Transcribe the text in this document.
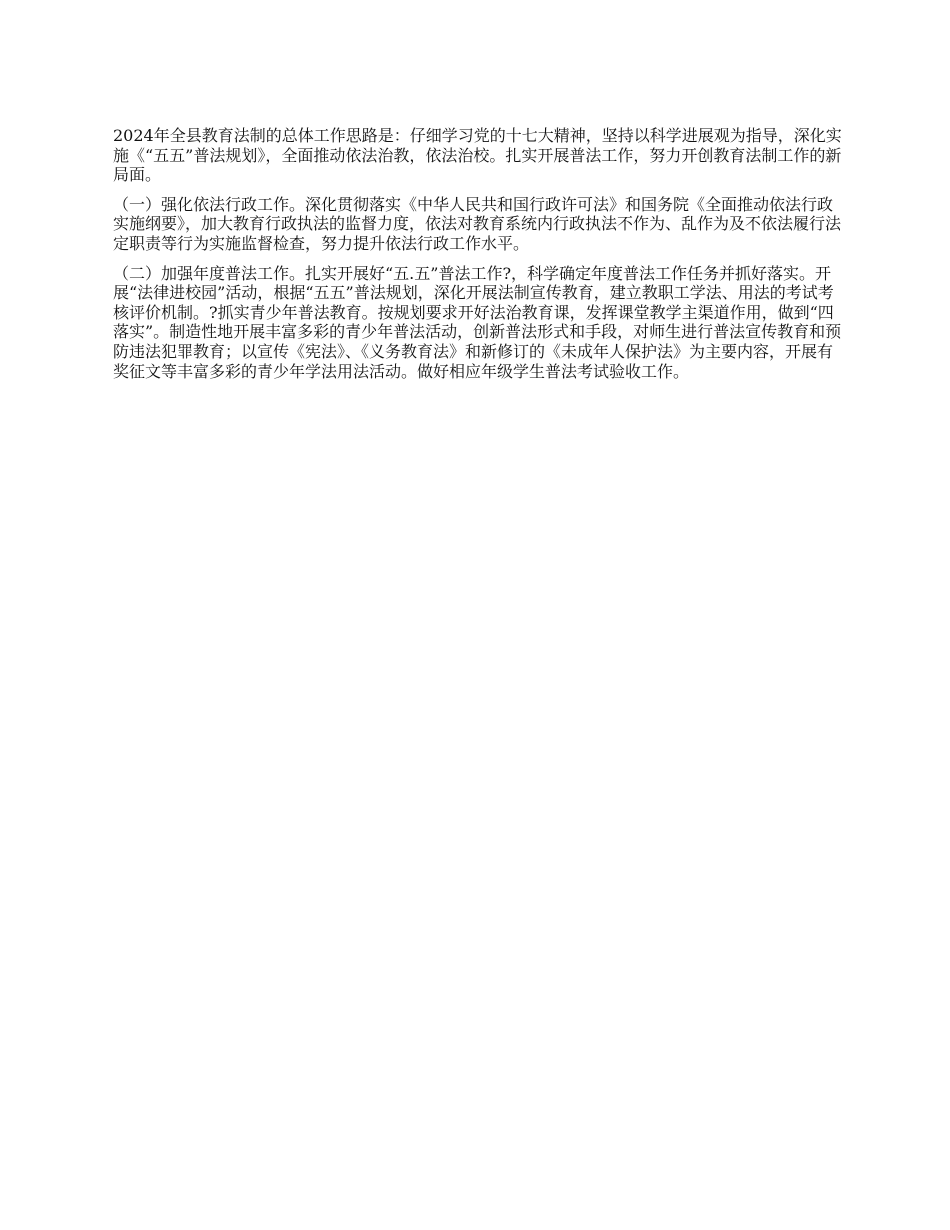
2024年全县教育法制的总体工作思路是：仔细学习党的十七大精神，坚持以科学进展观为指导，深化实施《“五五”普法规划》，全面推动依法治教，依法治校。扎实开展普法工作，努力开创教育法制工作的新局面。

（一）强化依法行政工作。深化贯彻落实《中华人民共和国行政许可法》和国务院《全面推动依法行政实施纲要》，加大教育行政执法的监督力度，依法对教育系统内行政执法不作为、乱作为及不依法履行法定职责等行为实施监督检查，努力提升依法行政工作水平。

（二）加强年度普法工作。扎实开展好“五.五”普法工作?，科学确定年度普法工作任务并抓好落实。开展“法律进校园”活动，根据“五五”普法规划，深化开展法制宣传教育，建立教职工学法、用法的考试考核评价机制。?抓实青少年普法教育。按规划要求开好法治教育课，发挥课堂教学主渠道作用，做到“四落实”。制造性地开展丰富多彩的青少年普法活动，创新普法形式和手段，对师生进行普法宣传教育和预防违法犯罪教育；以宣传《宪法》、《义务教育法》和新修订的《未成年人保护法》为主要内容，开展有奖征文等丰富多彩的青少年学法用法活动。做好相应年级学生普法考试验收工作。
